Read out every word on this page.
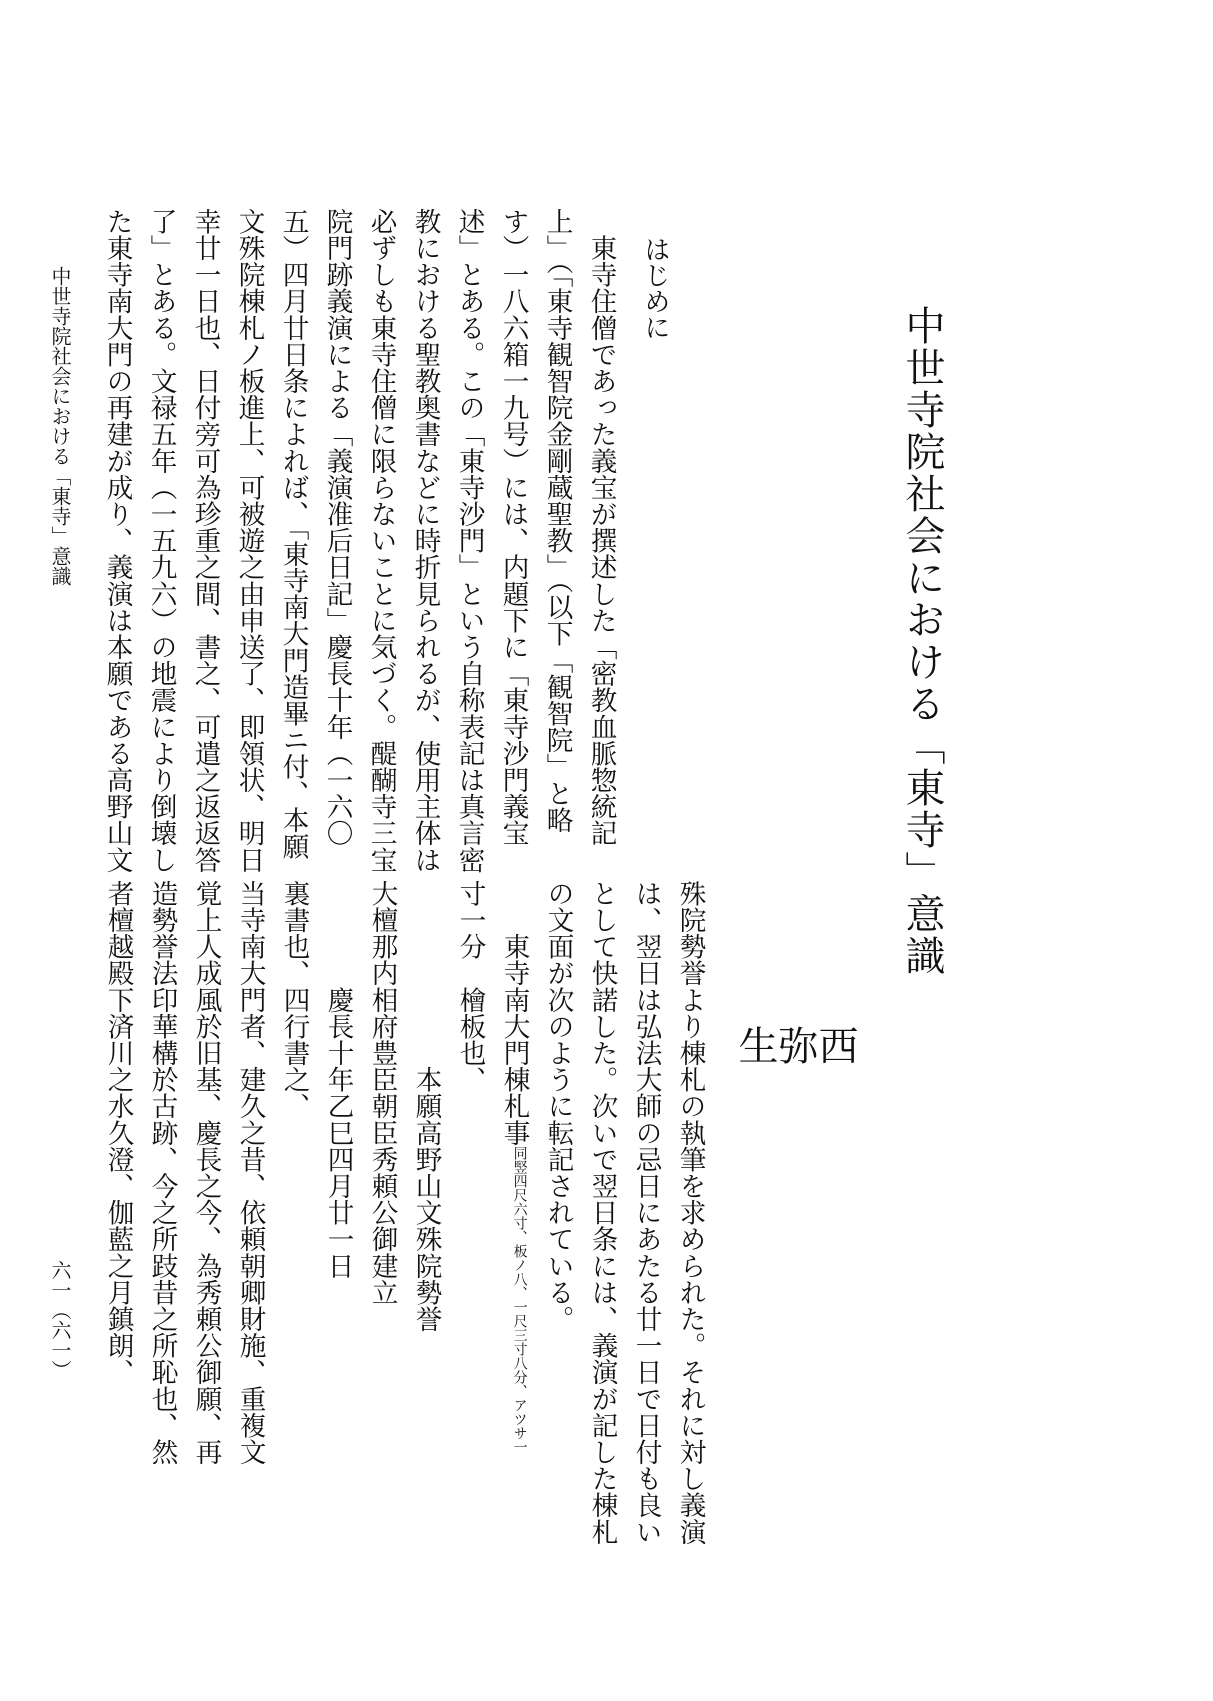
中世寺院社会における「東寺」意識
西
弥
生
はじめに
　東寺住僧であった義宝が撰述した「密教血脈惣統記
上」（「東寺観智院金剛蔵聖教」（以下「観智院」と略
す）一八六箱一九号）には、内題下に「東寺沙門義宝
述」とある。この「東寺沙門」という自称表記は真言密
教における聖教奥書などに時折見られるが、使用主体は
必ずしも東寺住僧に限らないことに気づく。醍醐寺三宝
院門跡義演による「義演准后日記」慶長十年（一六〇
五）四月廿日条によれば、「東寺南大門造畢ニ付、本願
文殊院棟札ノ板進上、可被遊之由申送了、即領状、明日
幸廿一日也、日付旁可為珍重之間、書之、可遣之返返答
了」とある。文禄五年（一五九六）の地震により倒壊し
た東寺南大門の再建が成り、義演は本願である高野山文
中世寺院社会における「東寺」意識
殊院勢誉より棟札の執筆を求められた。それに対し義演
は、翌日は弘法大師の忌日にあたる廿一日で日付も良い
として快諾した。次いで翌日条には、義演が記した棟札
の文面が次のように転記されている。
　　東寺南大門棟札事
板ノ八、一尺三寸八分、アツサ一
同竪四尺六寸、
寸一分　檜板也、
　　　　　　　本願高野山文殊院勢誉
大檀那内相府豊臣朝臣秀頼公御建立
　　　　慶長十年乙巳四月廿一日
裏書也、四行書之、
当寺南大門者、建久之昔、依頼朝卿財施、重複文
覚上人成風於旧基、慶長之今、為秀頼公御願、再
造勢誉法印華構於古跡、今之所跂昔之所恥也、然
者檀越殿下済川之水久澄、伽藍之月鎮朗、
六一（六一）
